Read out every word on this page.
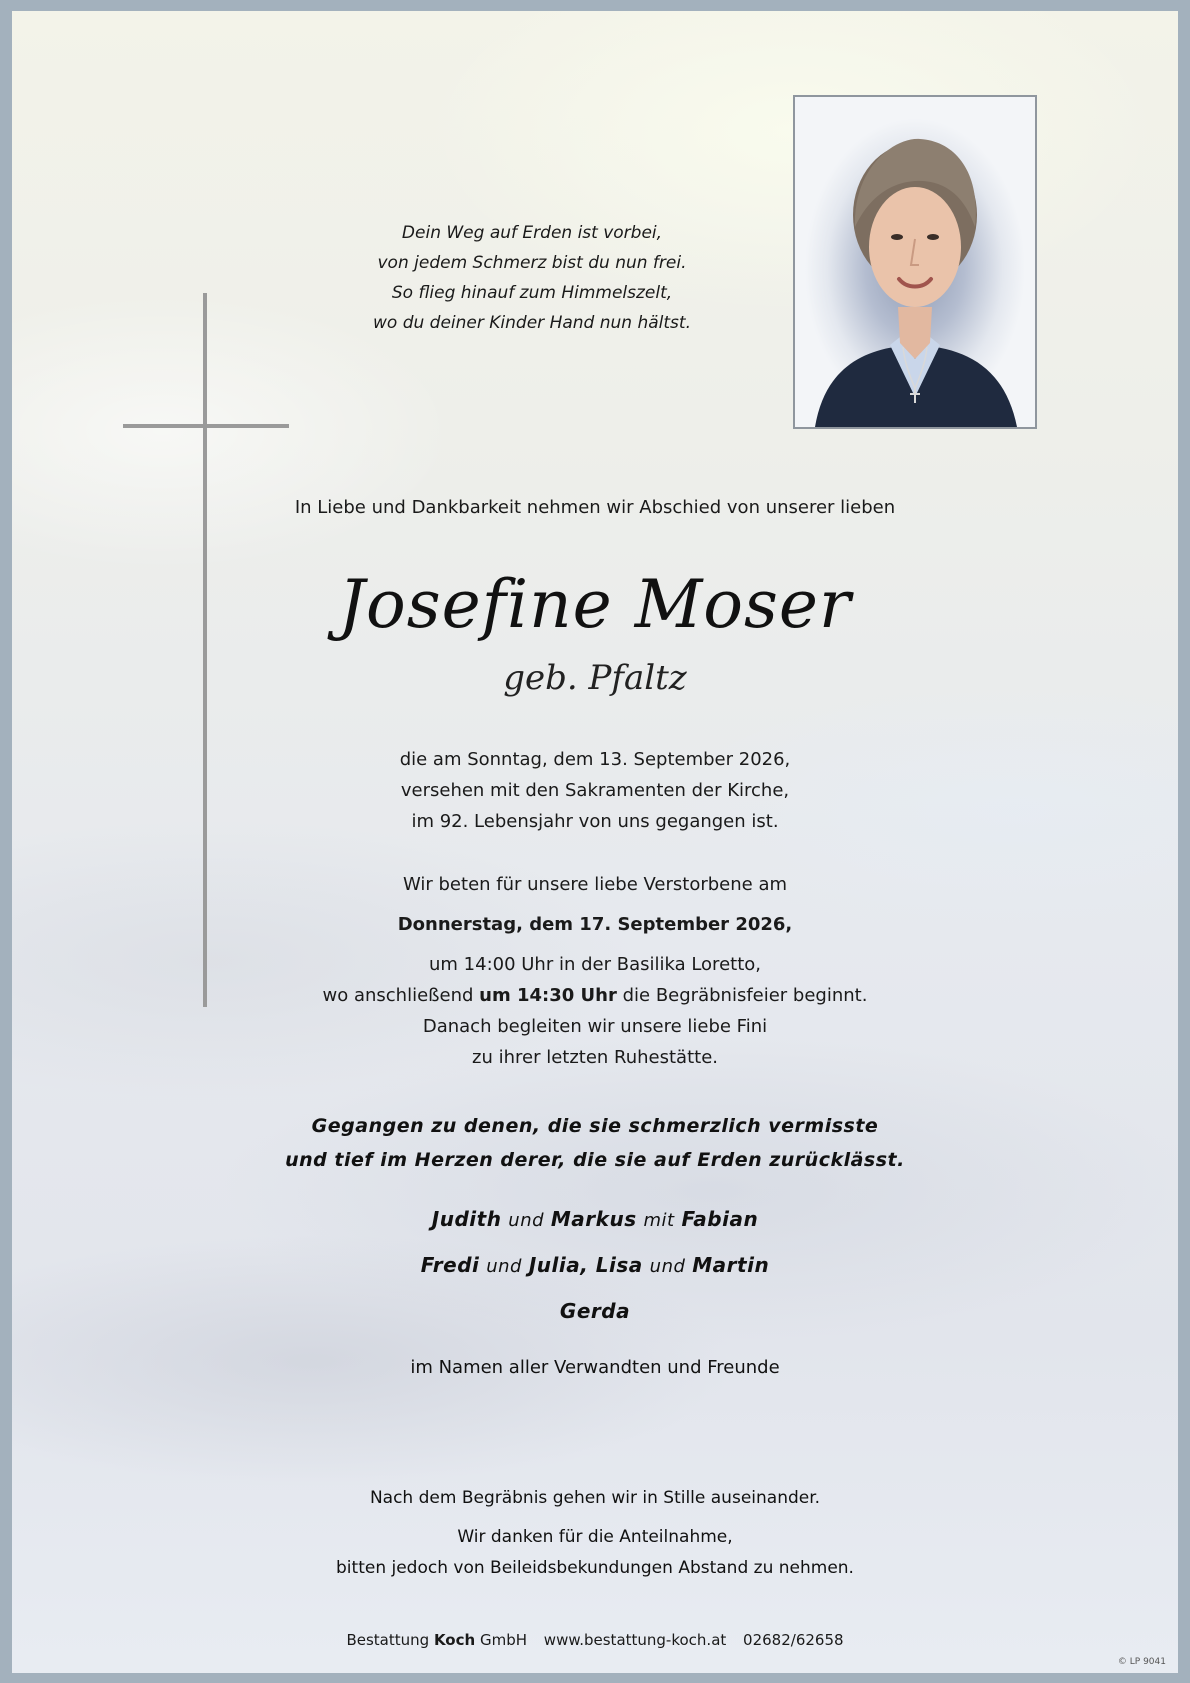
Dein Weg auf Erden ist vorbei,
von jedem Schmerz bist du nun frei.
So flieg hinauf zum Himmelszelt,
wo du deiner Kinder Hand nun hältst.
In Liebe und Dankbarkeit nehmen wir Abschied von unserer lieben
Josefine Moser
geb. Pfaltz
die am Sonntag, dem 13. September 2026,
versehen mit den Sakramenten der Kirche,
im 92. Lebensjahr von uns gegangen ist.
Wir beten für unsere liebe Verstorbene am
Donnerstag, dem 17. September 2026,
um 14:00 Uhr in der Basilika Loretto,
wo anschließend um 14:30 Uhr die Begräbnisfeier beginnt.
Danach begleiten wir unsere liebe Fini
zu ihrer letzten Ruhestätte.
Gegangen zu denen, die sie schmerzlich vermisste
und tief im Herzen derer, die sie auf Erden zurücklässt.
Judith und Markus mit Fabian
Fredi und Julia, Lisa und Martin
Gerda
im Namen aller Verwandten und Freunde
Nach dem Begräbnis gehen wir in Stille auseinander.
Wir danken für die Anteilnahme,
bitten jedoch von Beileidsbekundungen Abstand zu nehmen.
Bestattung Koch GmbH www.bestattung-koch.at 02682/62658
© LP 9041
